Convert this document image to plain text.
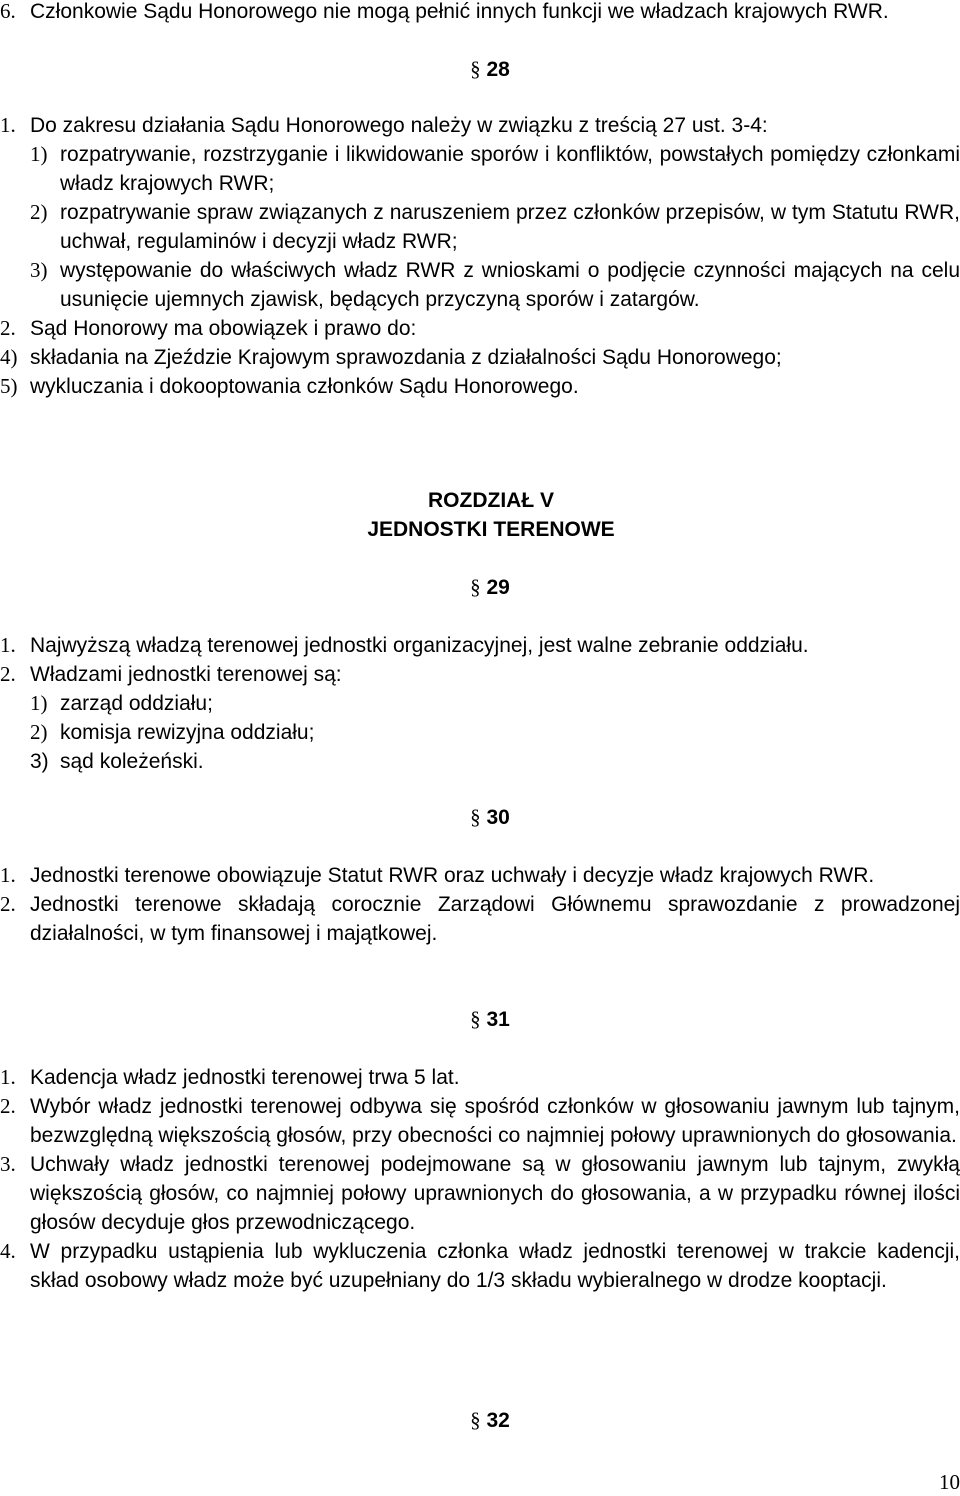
6. Członkowie Sądu Honorowego nie mogą pełnić innych funkcji we władzach krajowych RWR.
§ 28
1. Do zakresu działania Sądu Honorowego należy w związku z treścią 27 ust. 3-4:
1) rozpatrywanie, rozstrzyganie i likwidowanie sporów i konfliktów, powstałych pomiędzy członkami władz krajowych RWR;
2) rozpatrywanie spraw związanych z naruszeniem przez członków przepisów, w tym Statutu RWR, uchwał, regulaminów i decyzji władz RWR;
3) występowanie do właściwych władz RWR z wnioskami o podjęcie czynności mających na celu usunięcie ujemnych zjawisk, będących przyczyną sporów i zatargów.
2. Sąd Honorowy ma obowiązek i prawo do:
4) składania na Zjeździe Krajowym sprawozdania z działalności Sądu Honorowego;
5) wykluczania i dokooptowania członków Sądu Honorowego.
ROZDZIAŁ V
JEDNOSTKI TERENOWE
§ 29
1. Najwyższą władzą terenowej jednostki organizacyjnej, jest walne zebranie oddziału.
2. Władzami jednostki terenowej są:
1) zarząd oddziału;
2) komisja rewizyjna oddziału;
3) sąd koleżeński.
§ 30
1. Jednostki terenowe obowiązuje Statut RWR oraz uchwały i decyzje władz krajowych RWR.
2. Jednostki terenowe składają corocznie Zarządowi Głównemu sprawozdanie z prowadzonej działalności, w tym finansowej i majątkowej.
§ 31
1. Kadencja władz jednostki terenowej trwa 5 lat.
2. Wybór władz jednostki terenowej odbywa się spośród członków w głosowaniu jawnym lub tajnym, bezwzględną większością głosów, przy obecności co najmniej połowy uprawnionych do głosowania.
3. Uchwały władz jednostki terenowej podejmowane są w głosowaniu jawnym lub tajnym, zwykłą większością głosów, co najmniej połowy uprawnionych do głosowania, a w przypadku równej ilości głosów decyduje głos przewodniczącego.
4. W przypadku ustąpienia lub wykluczenia członka władz jednostki terenowej w trakcie kadencji, skład osobowy władz może być uzupełniany do 1/3 składu wybieralnego w drodze kooptacji.
§ 32
10
